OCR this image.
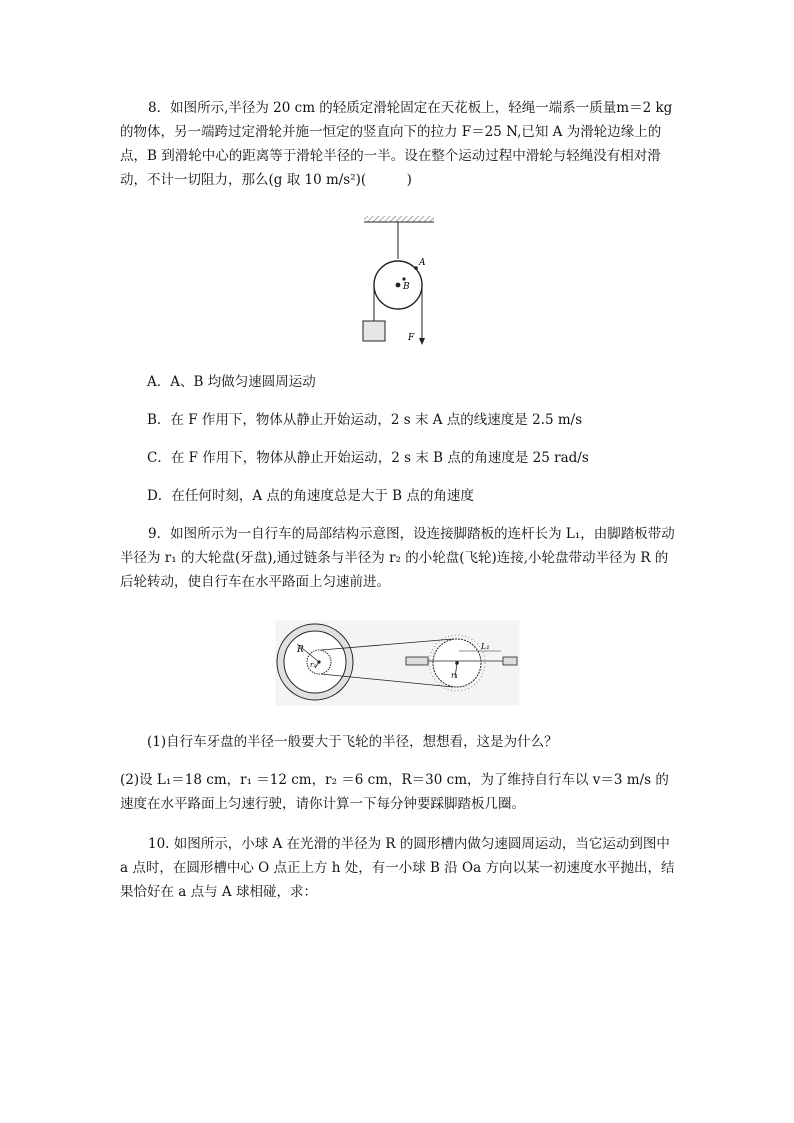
8．如图所示,半径为 20 cm 的轻质定滑轮固定在天花板上，轻绳一端系一质量m＝2 kg的物体，另一端跨过定滑轮并施一恒定的竖直向下的拉力 F＝25 N,已知 A 为滑轮边缘上的点，B 到滑轮中心的距离等于滑轮半径的一半。设在整个运动过程中滑轮与轻绳没有相对滑动，不计一切阻力，那么(g 取 10 m/s²)(　　　)

A
B
F

A．A、B 均做匀速圆周运动

B．在 F 作用下，物体从静止开始运动，2 s 末 A 点的线速度是 2.5 m/s

C．在 F 作用下，物体从静止开始运动，2 s 末 B 点的角速度是 25 rad/s

D．在任何时刻，A 点的角速度总是大于 B 点的角速度

9．如图所示为一自行车的局部结构示意图，设连接脚踏板的连杆长为 L₁，由脚踏板带动半径为 r₁ 的大轮盘(牙盘),通过链条与半径为 r₂ 的小轮盘(飞轮)连接,小轮盘带动半径为 R 的后轮转动，使自行车在水平路面上匀速前进。

R
r₂
r₁
L₁

(1)自行车牙盘的半径一般要大于飞轮的半径，想想看，这是为什么？

(2)设 L₁＝18 cm，r₁ ＝12 cm，r₂ ＝6 cm，R＝30 cm，为了维持自行车以 v＝3 m/s 的速度在水平路面上匀速行驶，请你计算一下每分钟要踩脚踏板几圈。

10. 如图所示，小球 A 在光滑的半径为 R 的圆形槽内做匀速圆周运动，当它运动到图中 a 点时，在圆形槽中心 O 点正上方 h 处，有一小球 B 沿 Oa 方向以某一初速度水平抛出，结果恰好在 a 点与 A 球相碰，求：
